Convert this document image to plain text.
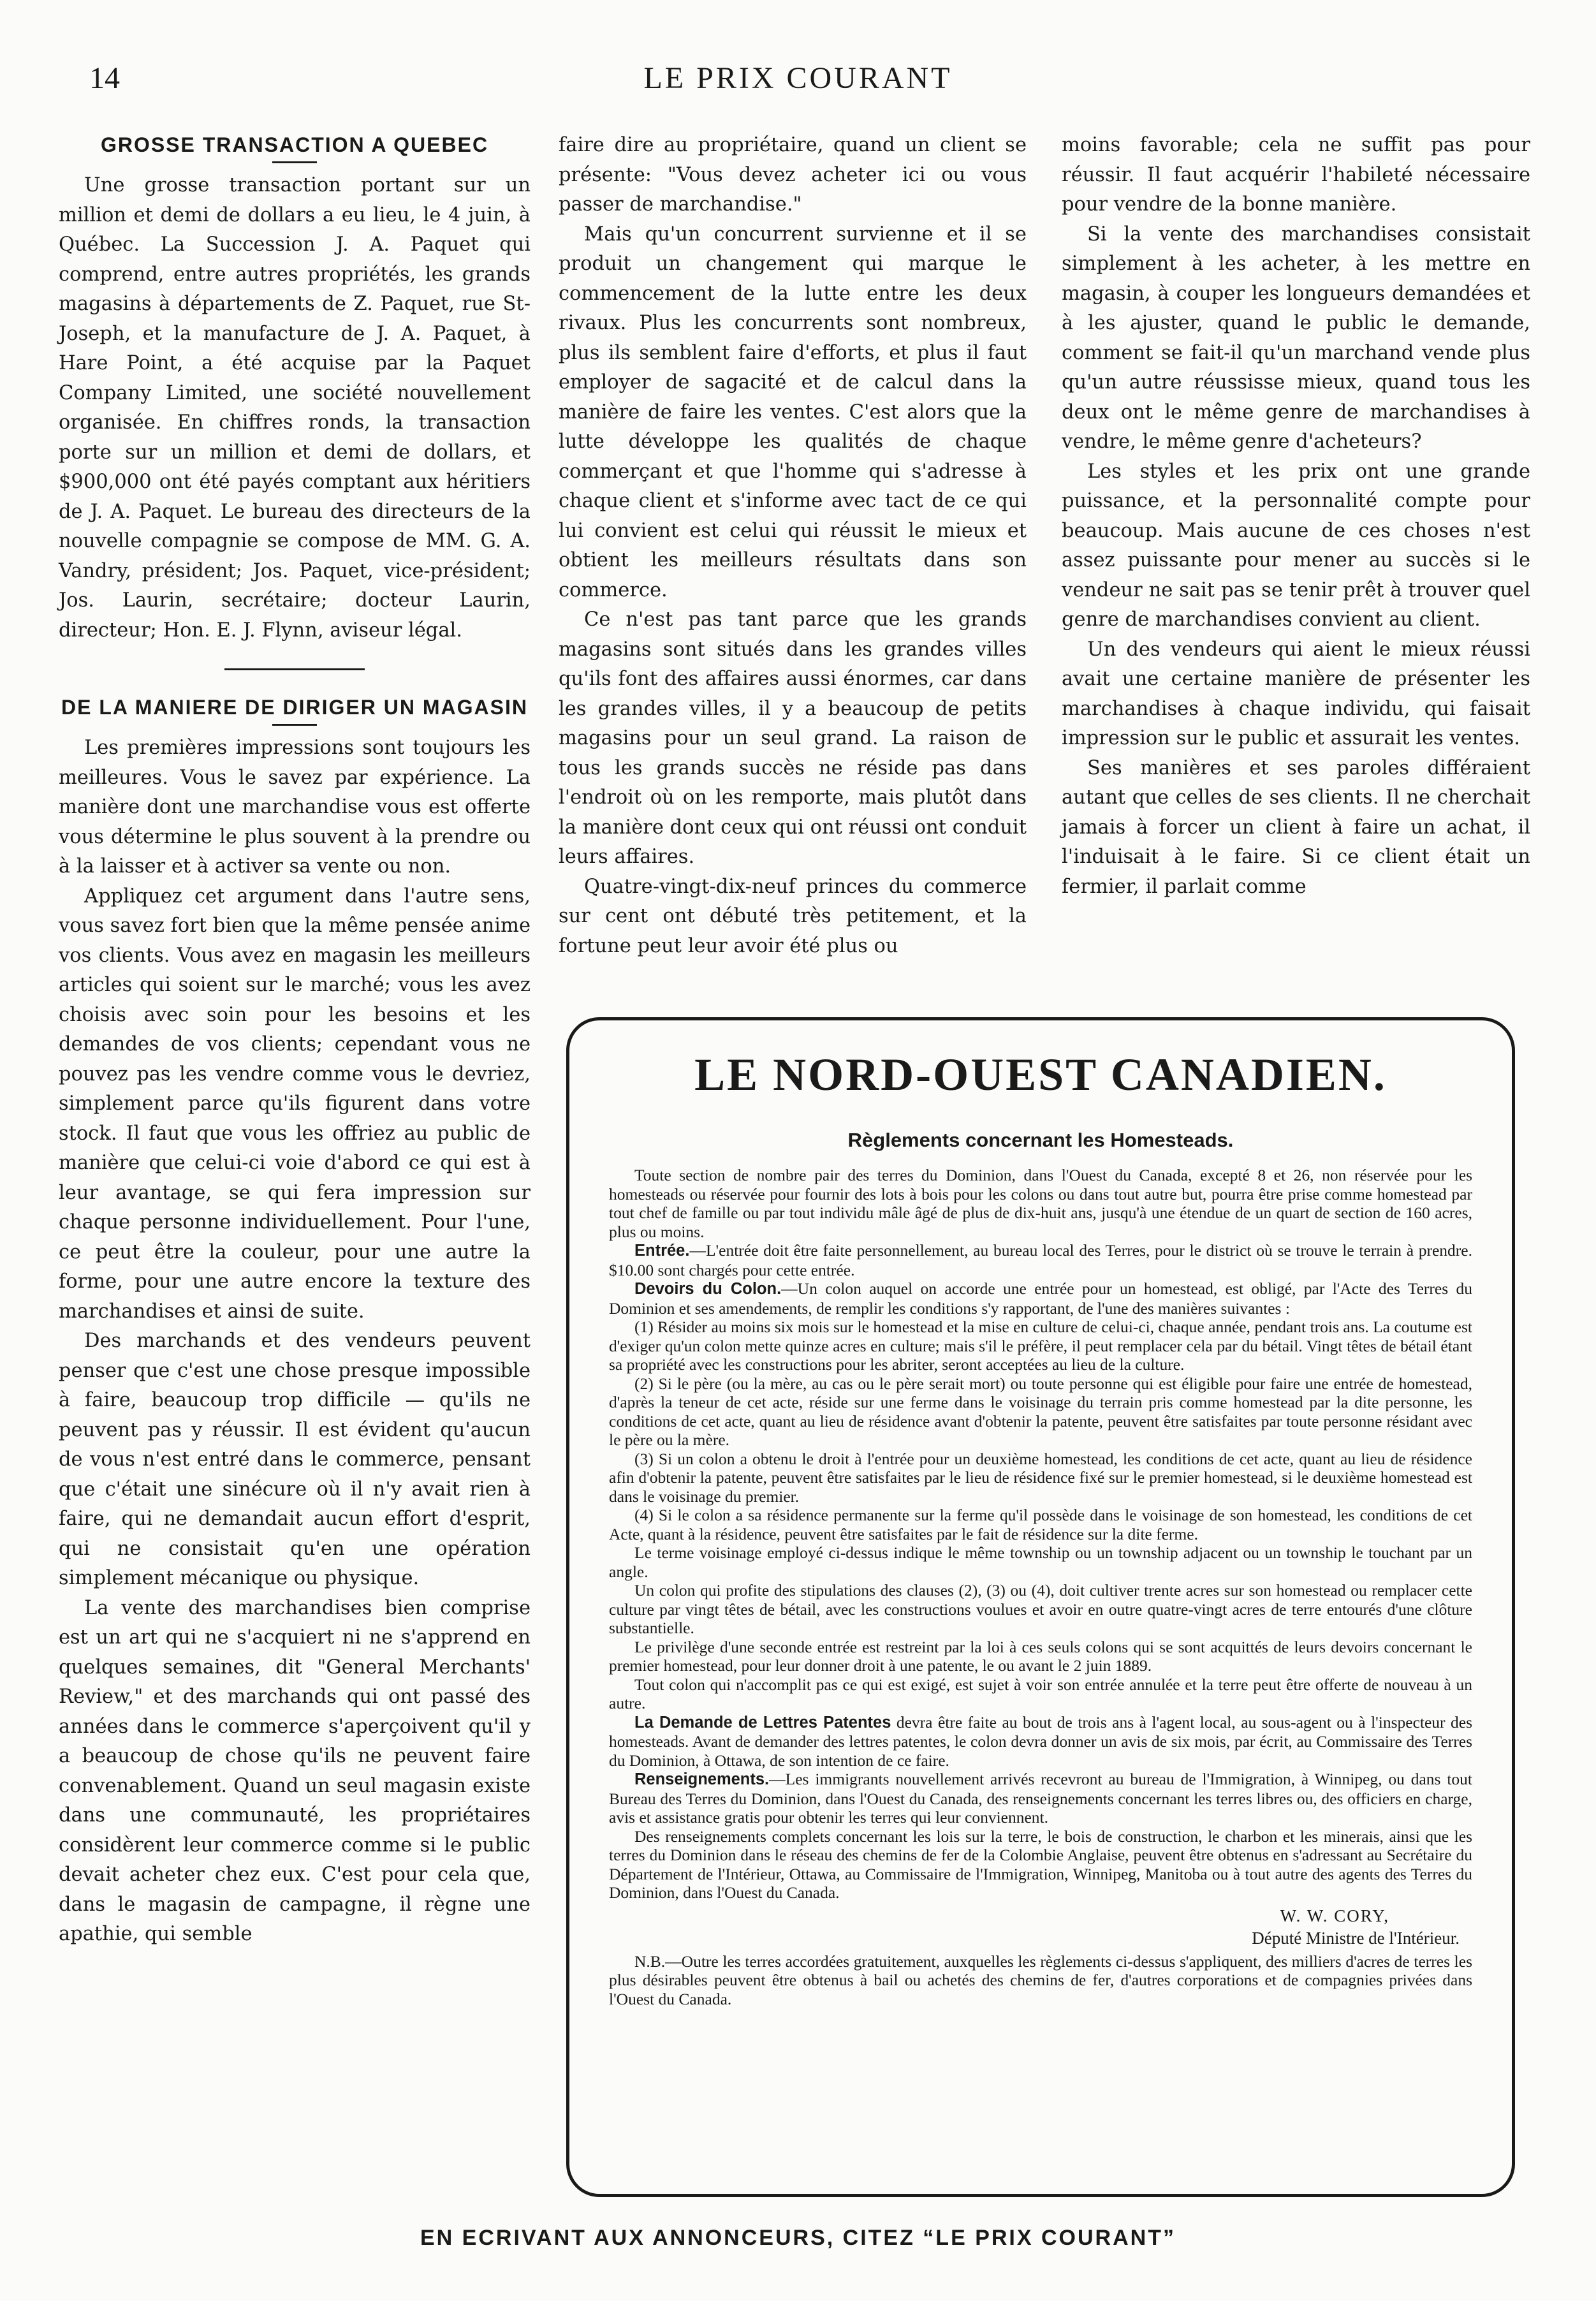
14	LE PRIX COURANT
GROSSE TRANSACTION A QUEBEC

Une grosse transaction portant sur un million et demi de dollars a eu lieu, le 4 juin, à Québec. La Succession J. A. Paquet qui comprend, entre autres propriétés, les grands magasins à départements de Z. Paquet, rue St-Joseph, et la manufacture de J. A. Paquet, à Hare Point, a été acquise par la Paquet Company Limited, une société nouvellement organisée. En chiffres ronds, la transaction porte sur un million et demi de dollars, et $900,000 ont été payés comptant aux héritiers de J. A. Paquet. Le bureau des directeurs de la nouvelle compagnie se compose de MM. G. A. Vandry, président; Jos. Paquet, vice-président; Jos. Laurin, secrétaire; docteur Laurin, directeur; Hon. E. J. Flynn, aviseur légal.

DE LA MANIERE DE DIRIGER UN MAGASIN

Les premières impressions sont toujours les meilleures. Vous le savez par expérience. La manière dont une marchandise vous est offerte vous détermine le plus souvent à la prendre ou à la laisser et à activer sa vente ou non.

Appliquez cet argument dans l'autre sens, vous savez fort bien que la même pensée anime vos clients. Vous avez en magasin les meilleurs articles qui soient sur le marché; vous les avez choisis avec soin pour les besoins et les demandes de vos clients; cependant vous ne pouvez pas les vendre comme vous le devriez, simplement parce qu'ils figurent dans votre stock. Il faut que vous les offriez au public de manière que celui-ci voie d'abord ce qui est à leur avantage, se qui fera impression sur chaque personne individuellement. Pour l'une, ce peut être la couleur, pour une autre la forme, pour une autre encore la texture des marchandises et ainsi de suite.

Des marchands et des vendeurs peuvent penser que c'est une chose presque impossible à faire, beaucoup trop difficile — qu'ils ne peuvent pas y réussir. Il est évident qu'aucun de vous n'est entré dans le commerce, pensant que c'était une sinécure où il n'y avait rien à faire, qui ne demandait aucun effort d'esprit, qui ne consistait qu'en une opération simplement mécanique ou physique.

La vente des marchandises bien comprise est un art qui ne s'acquiert ni ne s'apprend en quelques semaines, dit "General Merchants' Review," et des marchands qui ont passé des années dans le commerce s'aperçoivent qu'il y a beaucoup de chose qu'ils ne peuvent faire convenablement. Quand un seul magasin existe dans une communauté, les propriétaires considèrent leur commerce comme si le public devait acheter chez eux. C'est pour cela que, dans le magasin de campagne, il règne une apathie, qui semble

faire dire au propriétaire, quand un client se présente: "Vous devez acheter ici ou vous passer de marchandise."

Mais qu'un concurrent survienne et il se produit un changement qui marque le commencement de la lutte entre les deux rivaux. Plus les concurrents sont nombreux, plus ils semblent faire d'efforts, et plus il faut employer de sagacité et de calcul dans la manière de faire les ventes. C'est alors que la lutte développe les qualités de chaque commerçant et que l'homme qui s'adresse à chaque client et s'informe avec tact de ce qui lui convient est celui qui réussit le mieux et obtient les meilleurs résultats dans son commerce.

Ce n'est pas tant parce que les grands magasins sont situés dans les grandes villes qu'ils font des affaires aussi énormes, car dans les grandes villes, il y a beaucoup de petits magasins pour un seul grand. La raison de tous les grands succès ne réside pas dans l'endroit où on les remporte, mais plutôt dans la manière dont ceux qui ont réussi ont conduit leurs affaires.

Quatre-vingt-dix-neuf princes du commerce sur cent ont débuté très petitement, et la fortune peut leur avoir été plus ou

moins favorable; cela ne suffit pas pour réussir. Il faut acquérir l'habileté nécessaire pour vendre de la bonne manière.

Si la vente des marchandises consistait simplement à les acheter, à les mettre en magasin, à couper les longueurs demandées et à les ajuster, quand le public le demande, comment se fait-il qu'un marchand vende plus qu'un autre réussisse mieux, quand tous les deux ont le même genre de marchandises à vendre, le même genre d'acheteurs?

Les styles et les prix ont une grande puissance, et la personnalité compte pour beaucoup. Mais aucune de ces choses n'est assez puissante pour mener au succès si le vendeur ne sait pas se tenir prêt à trouver quel genre de marchandises convient au client.

Un des vendeurs qui aient le mieux réussi avait une certaine manière de présenter les marchandises à chaque individu, qui faisait impression sur le public et assurait les ventes.

Ses manières et ses paroles différaient autant que celles de ses clients. Il ne cherchait jamais à forcer un client à faire un achat, il l'induisait à le faire. Si ce client était un fermier, il parlait comme

LE NORD-OUEST CANADIEN.
Règlements concernant les Homesteads.

Toute section de nombre pair des terres du Dominion, dans l'Ouest du Canada, excepté 8 et 26, non réservée pour les homesteads ou réservée pour fournir des lots à bois pour les colons ou dans tout autre but, pourra être prise comme homestead par tout chef de famille ou par tout individu mâle âgé de plus de dix-huit ans, jusqu'à une étendue de un quart de section de 160 acres, plus ou moins.

Entrée.—L'entrée doit être faite personnellement, au bureau local des Terres, pour le district où se trouve le terrain à prendre. $10.00 sont chargés pour cette entrée.

Devoirs du Colon.—Un colon auquel on accorde une entrée pour un homestead, est obligé, par l'Acte des Terres du Dominion et ses amendements, de remplir les conditions s'y rapportant, de l'une des manières suivantes :

(1) Résider au moins six mois sur le homestead et la mise en culture de celui-ci, chaque année, pendant trois ans. La coutume est d'exiger qu'un colon mette quinze acres en culture; mais s'il le préfère, il peut remplacer cela par du bétail. Vingt têtes de bétail étant sa propriété avec les constructions pour les abriter, seront acceptées au lieu de la culture.

(2) Si le père (ou la mère, au cas ou le père serait mort) ou toute personne qui est éligible pour faire une entrée de homestead, d'après la teneur de cet acte, réside sur une ferme dans le voisinage du terrain pris comme homestead par la dite personne, les conditions de cet acte, quant au lieu de résidence avant d'obtenir la patente, peuvent être satisfaites par toute personne résidant avec le père ou la mère.

(3) Si un colon a obtenu le droit à l'entrée pour un deuxième homestead, les conditions de cet acte, quant au lieu de résidence afin d'obtenir la patente, peuvent être satisfaites par le lieu de résidence fixé sur le premier homestead, si le deuxième homestead est dans le voisinage du premier.

(4) Si le colon a sa résidence permanente sur la ferme qu'il possède dans le voisinage de son homestead, les conditions de cet Acte, quant à la résidence, peuvent être satisfaites par le fait de résidence sur la dite ferme.

Le terme voisinage employé ci-dessus indique le même township ou un township adjacent ou un township le touchant par un angle.

Un colon qui profite des stipulations des clauses (2), (3) ou (4), doit cultiver trente acres sur son homestead ou remplacer cette culture par vingt têtes de bétail, avec les constructions voulues et avoir en outre quatre-vingt acres de terre entourés d'une clôture substantielle.

Le privilège d'une seconde entrée est restreint par la loi à ces seuls colons qui se sont acquittés de leurs devoirs concernant le premier homestead, pour leur donner droit à une patente, le ou avant le 2 juin 1889.

Tout colon qui n'accomplit pas ce qui est exigé, est sujet à voir son entrée annulée et la terre peut être offerte de nouveau à un autre.

La Demande de Lettres Patentes devra être faite au bout de trois ans à l'agent local, au sous-agent ou à l'inspecteur des homesteads. Avant de demander des lettres patentes, le colon devra donner un avis de six mois, par écrit, au Commissaire des Terres du Dominion, à Ottawa, de son intention de ce faire.

Renseignements.—Les immigrants nouvellement arrivés recevront au bureau de l'Immigration, à Winnipeg, ou dans tout Bureau des Terres du Dominion, dans l'Ouest du Canada, des renseignements concernant les terres libres ou, des officiers en charge, avis et assistance gratis pour obtenir les terres qui leur conviennent.

Des renseignements complets concernant les lois sur la terre, le bois de construction, le charbon et les minerais, ainsi que les terres du Dominion dans le réseau des chemins de fer de la Colombie Anglaise, peuvent être obtenus en s'adressant au Secrétaire du Département de l'Intérieur, Ottawa, au Commissaire de l'Immigration, Winnipeg, Manitoba ou à tout autre des agents des Terres du Dominion, dans l'Ouest du Canada.

W. W. CORY,
Député Ministre de l'Intérieur.

N.B.—Outre les terres accordées gratuitement, auxquelles les règlements ci-dessus s'appliquent, des milliers d'acres de terres les plus désirables peuvent être obtenus à bail ou achetés des chemins de fer, d'autres corporations et de compagnies privées dans l'Ouest du Canada.

EN ECRIVANT AUX ANNONCEURS, CITEZ “LE PRIX COURANT”
